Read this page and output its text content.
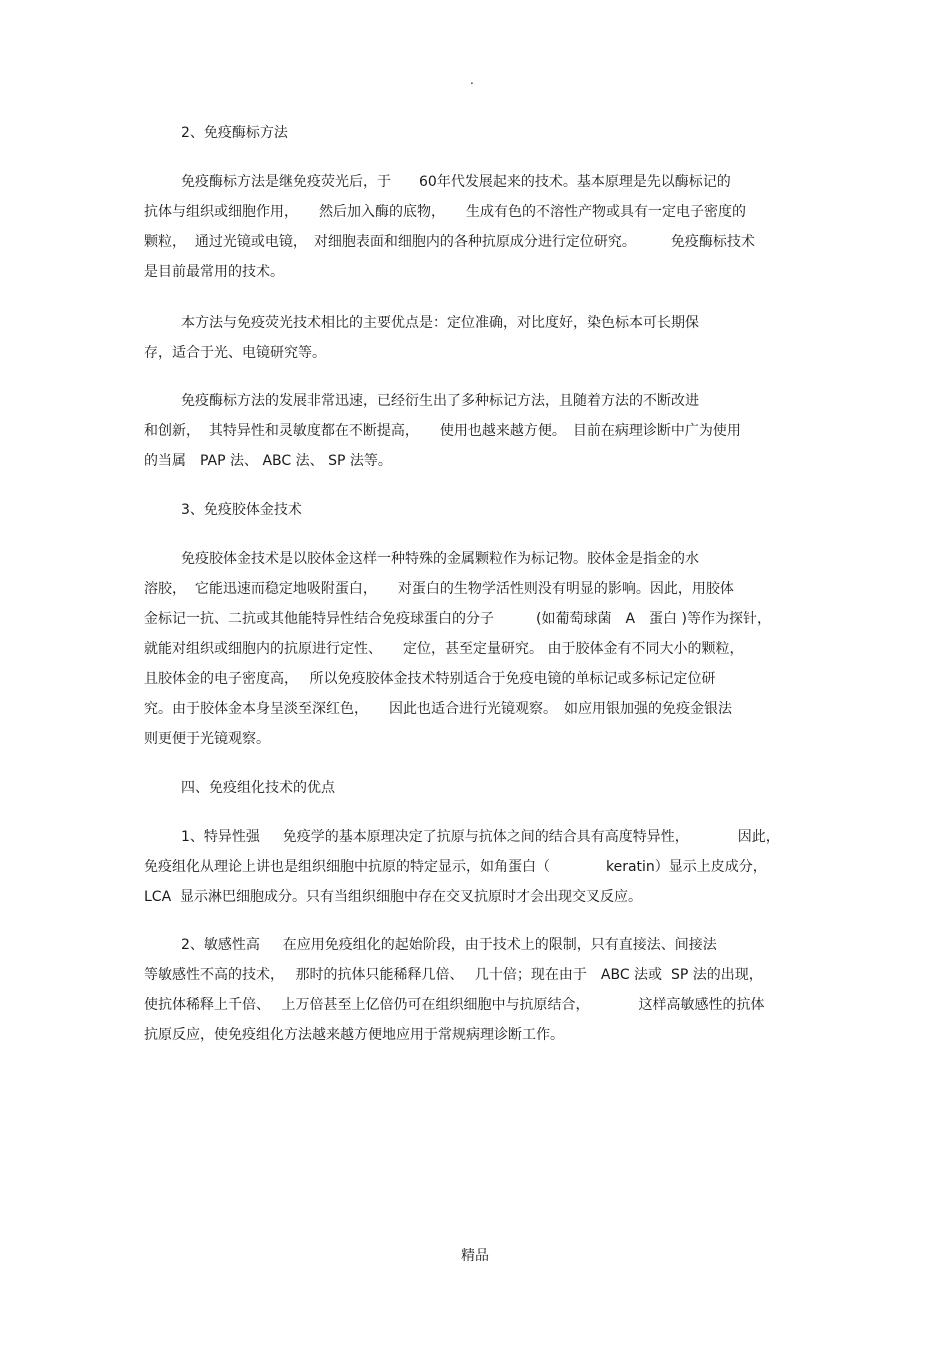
.
2、免疫酶标方法
免疫酶标方法是继免疫荧光后，于　　60年代发展起来的技术。基本原理是先以酶标记的
抗体与组织或细胞作用，　　然后加入酶的底物，　　生成有色的不溶性产物或具有一定电子密度的
颗粒，  通过光镜或电镜，　对细胞表面和细胞内的各种抗原成分进行定位研究。　　　免疫酶标技术
是目前最常用的技术。
本方法与免疫荧光技术相比的主要优点是：定位准确，对比度好，染色标本可长期保
存，适合于光、电镜研究等。
免疫酶标方法的发展非常迅速，已经衍生出了多种标记方法，且随着方法的不断改进
和创新，  其特异性和灵敏度都在不断提高，　　使用也越来越方便。　目前在病理诊断中广为使用
的当属　PAP 法、 ABC 法、 SP 法等。
3、免疫胶体金技术
免疫胶体金技术是以胶体金这样一种特殊的金属颗粒作为标记物。胶体金是指金的水
溶胶，  它能迅速而稳定地吸附蛋白，　　对蛋白的生物学活性则没有明显的影响。因此，用胶体
金标记一抗、二抗或其他能特异性结合免疫球蛋白的分子　　　(如葡萄球菌　A　蛋白 )等作为探针，
就能对组织或细胞内的抗原进行定性、　　定位，甚至定量研究。 由于胶体金有不同大小的颗粒，
且胶体金的电子密度高，　 所以免疫胶体金技术特别适合于免疫电镜的单标记或多标记定位研
究。由于胶体金本身呈淡至深红色，　　因此也适合进行光镜观察。　如应用银加强的免疫金银法
则更便于光镜观察。
四、免疫组化技术的优点
1、特异性强　  免疫学的基本原理决定了抗原与抗体之间的结合具有高度特异性，　　　　因此，
免疫组化从理论上讲也是组织细胞中抗原的特定显示，如角蛋白（　　　　keratin）显示上皮成分，
LCA  显示淋巴细胞成分。只有当组织细胞中存在交叉抗原时才会出现交叉反应。
2、敏感性高　  在应用免疫组化的起始阶段，由于技术上的限制，只有直接法、间接法
等敏感性不高的技术，　 那时的抗体只能稀释几倍、　 几十倍；现在由于　ABC 法或  SP 法的出现，
使抗体稀释上千倍、　 上万倍甚至上亿倍仍可在组织细胞中与抗原结合，　　　　这样高敏感性的抗体
抗原反应，使免疫组化方法越来越方便地应用于常规病理诊断工作。
精品
